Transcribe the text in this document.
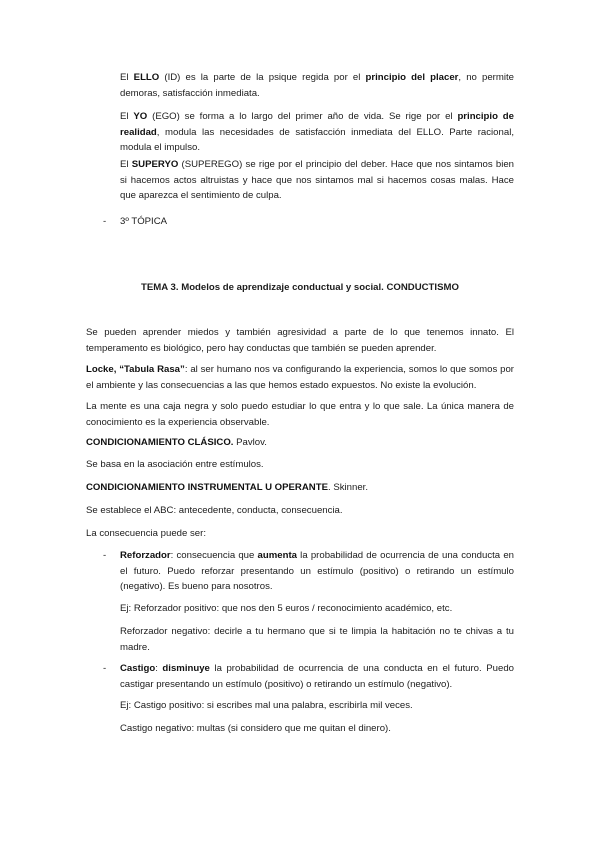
El ELLO (ID) es la parte de la psique regida por el principio del placer, no permite demoras, satisfacción inmediata.

El YO (EGO) se forma a lo largo del primer año de vida. Se rige por el principio de realidad, modula las necesidades de satisfacción inmediata del ELLO. Parte racional, modula el impulso.

El SUPERYO (SUPEREGO) se rige por el principio del deber. Hace que nos sintamos bien si hacemos actos altruistas y hace que nos sintamos mal si hacemos cosas malas. Hace que aparezca el sentimiento de culpa.

- 3º TÓPICA
TEMA 3. Modelos de aprendizaje conductual y social. CONDUCTISMO

Se pueden aprender miedos y también agresividad a parte de lo que tenemos innato. El temperamento es biológico, pero hay conductas que también se pueden aprender.

Locke, “Tabula Rasa”: al ser humano nos va configurando la experiencia, somos lo que somos por el ambiente y las consecuencias a las que hemos estado expuestos. No existe la evolución.

La mente es una caja negra y solo puedo estudiar lo que entra y lo que sale. La única manera de conocimiento es la experiencia observable.

CONDICIONAMIENTO CLÁSICO. Pavlov.

Se basa en la asociación entre estímulos.

CONDICIONAMIENTO INSTRUMENTAL U OPERANTE. Skinner.

Se establece el ABC: antecedente, conducta, consecuencia.

La consecuencia puede ser:

- Reforzador: consecuencia que aumenta la probabilidad de ocurrencia de una conducta en el futuro. Puedo reforzar presentando un estímulo (positivo) o retirando un estímulo (negativo). Es bueno para nosotros.

Ej: Reforzador positivo: que nos den 5 euros / reconocimiento académico, etc.

Reforzador negativo: decirle a tu hermano que si te limpia la habitación no te chivas a tu madre.

- Castigo: disminuye la probabilidad de ocurrencia de una conducta en el futuro. Puedo castigar presentando un estímulo (positivo) o retirando un estímulo (negativo).

Ej: Castigo positivo: si escribes mal una palabra, escribirla mil veces.

Castigo negativo: multas (si considero que me quitan el dinero).
